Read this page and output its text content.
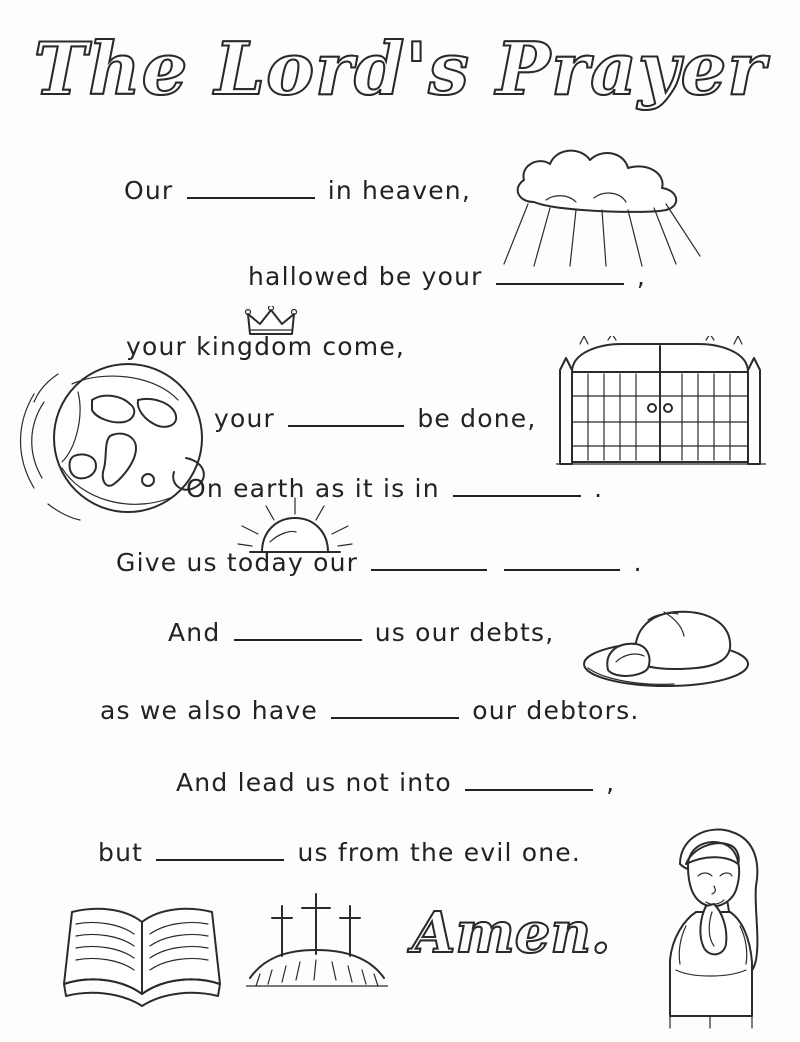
The Lord's Prayer
Our	in heaven,
hallowed be your	,
your kingdom come,
your	be done,
On earth as it is in	.
Give us today our	.
And	us our debts,
as we also have	our debtors.
And lead us not into	,
but	us from the evil one.
Amen.
